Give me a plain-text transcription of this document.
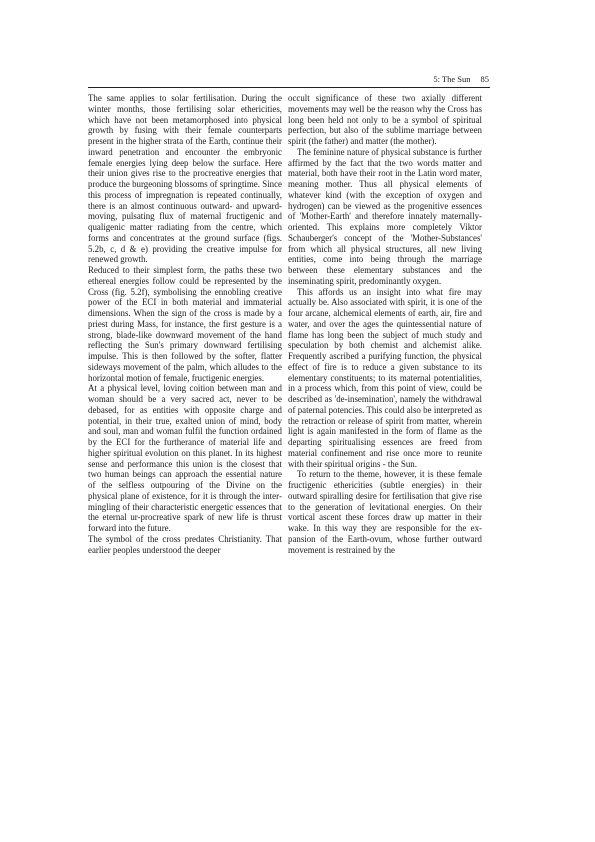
5: The Sun 85

The same applies to solar fertilisation. During the winter months, those fertilising solar ethericities, which have not been metamorphosed into physical growth by fusing with their female counterparts present in the higher strata of the Earth, continue their inward penetration and encounter the embryonic female energies lying deep below the surface. Here their union gives rise to the procreative energies that produce the burgeoning blossoms of springtime. Since this process of impregnation is repeated continually, there is an almost continuous outward- and upward-moving, pulsating flux of maternal fructigenic and qualigenic matter radiating from the centre, which forms and concentrates at the ground surface (figs. 5.2b, c, d & e) providing the creative impulse for renewed growth.

Reduced to their simplest form, the paths these two ethereal energies follow could be represented by the Cross (fig. 5.2f), symbolising the ennobling creative power of the ECI in both material and immaterial dimensions. When the sign of the cross is made by a priest during Mass, for instance, the first gesture is a strong, blade-like downward movement of the hand reflecting the Sun's primary downward fertilising impulse. This is then followed by the softer, flatter sideways movement of the palm, which alludes to the horizontal motion of female, fructigenic energies.

At a physical level, loving coition between man and woman should be a very sacred act, never to be debased, for as entities with opposite charge and potential, in their true, exalted union of mind, body and soul, man and woman fulfil the function ordained by the ECI for the furtherance of material life and higher spiritual evolution on this planet. In its highest sense and performance this union is the closest that two human beings can approach the essential nature of the selfless outpouring of the Divine on the physical plane of existence, for it is through the intermingling of their characteristic energetic essences that the eternal ur-procreative spark of new life is thrust forward into the future.

The symbol of the cross predates Christianity. That earlier peoples understood the deeper

occult significance of these two axially different movements may well be the reason why the Cross has long been held not only to be a symbol of spiritual perfection, but also of the sublime marriage between spirit (the father) and matter (the mother).

The feminine nature of physical substance is further affirmed by the fact that the two words matter and material, both have their root in the Latin word mater, meaning mother. Thus all physical elements of whatever kind (with the exception of oxygen and hydrogen) can be viewed as the progenitive essences of 'Mother-Earth' and therefore innately maternally-oriented. This explains more completely Viktor Schauberger's concept of the 'Mother-Substances' from which all physical structures, all new living entities, come into being through the marriage between these elementary substances and the inseminating spirit, predominantly oxygen.

This affords us an insight into what fire may actually be. Also associated with spirit, it is one of the four arcane, alchemical elements of earth, air, fire and water, and over the ages the quintessential nature of flame has long been the subject of much study and speculation by both chemist and alchemist alike. Frequently ascribed a purifying function, the physical effect of fire is to reduce a given substance to its elementary constituents; to its maternal potentialities, in a process which, from this point of view, could be described as 'de-insemination', namely the withdrawal of paternal potencies. This could also be interpreted as the retraction or release of spirit from matter, wherein light is again manifested in the form of flame as the departing spiritualising essences are freed from material confinement and rise once more to reunite with their spiritual origins - the Sun.

To return to the theme, however, it is these female fructigenic ethericities (subtle energies) in their outward spiralling desire for fertilisation that give rise to the generation of levitational energies. On their vortical ascent these forces draw up matter in their wake. In this way they are responsible for the expansion of the Earth-ovum, whose further outward movement is restrained by the
